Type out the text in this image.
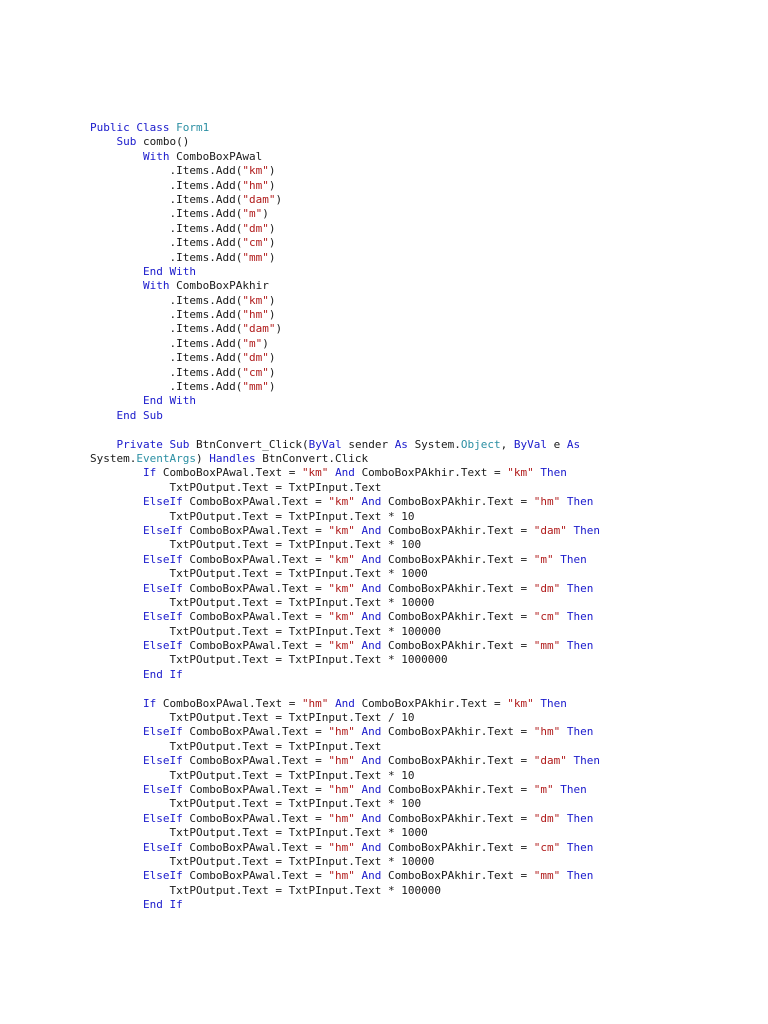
Public Class Form1
Sub combo()
With ComboBoxPAwal
.Items.Add("km")
.Items.Add("hm")
.Items.Add("dam")
.Items.Add("m")
.Items.Add("dm")
.Items.Add("cm")
.Items.Add("mm")
End With
With ComboBoxPAkhir
.Items.Add("km")
.Items.Add("hm")
.Items.Add("dam")
.Items.Add("m")
.Items.Add("dm")
.Items.Add("cm")
.Items.Add("mm")
End With
End Sub

Private Sub BtnConvert_Click(ByVal sender As System.Object, ByVal e As
System.EventArgs) Handles BtnConvert.Click
If ComboBoxPAwal.Text = "km" And ComboBoxPAkhir.Text = "km" Then
TxtPOutput.Text = TxtPInput.Text
ElseIf ComboBoxPAwal.Text = "km" And ComboBoxPAkhir.Text = "hm" Then
TxtPOutput.Text = TxtPInput.Text * 10
ElseIf ComboBoxPAwal.Text = "km" And ComboBoxPAkhir.Text = "dam" Then
TxtPOutput.Text = TxtPInput.Text * 100
ElseIf ComboBoxPAwal.Text = "km" And ComboBoxPAkhir.Text = "m" Then
TxtPOutput.Text = TxtPInput.Text * 1000
ElseIf ComboBoxPAwal.Text = "km" And ComboBoxPAkhir.Text = "dm" Then
TxtPOutput.Text = TxtPInput.Text * 10000
ElseIf ComboBoxPAwal.Text = "km" And ComboBoxPAkhir.Text = "cm" Then
TxtPOutput.Text = TxtPInput.Text * 100000
ElseIf ComboBoxPAwal.Text = "km" And ComboBoxPAkhir.Text = "mm" Then
TxtPOutput.Text = TxtPInput.Text * 1000000
End If

If ComboBoxPAwal.Text = "hm" And ComboBoxPAkhir.Text = "km" Then
TxtPOutput.Text = TxtPInput.Text / 10
ElseIf ComboBoxPAwal.Text = "hm" And ComboBoxPAkhir.Text = "hm" Then
TxtPOutput.Text = TxtPInput.Text
ElseIf ComboBoxPAwal.Text = "hm" And ComboBoxPAkhir.Text = "dam" Then
TxtPOutput.Text = TxtPInput.Text * 10
ElseIf ComboBoxPAwal.Text = "hm" And ComboBoxPAkhir.Text = "m" Then
TxtPOutput.Text = TxtPInput.Text * 100
ElseIf ComboBoxPAwal.Text = "hm" And ComboBoxPAkhir.Text = "dm" Then
TxtPOutput.Text = TxtPInput.Text * 1000
ElseIf ComboBoxPAwal.Text = "hm" And ComboBoxPAkhir.Text = "cm" Then
TxtPOutput.Text = TxtPInput.Text * 10000
ElseIf ComboBoxPAwal.Text = "hm" And ComboBoxPAkhir.Text = "mm" Then
TxtPOutput.Text = TxtPInput.Text * 100000
End If
